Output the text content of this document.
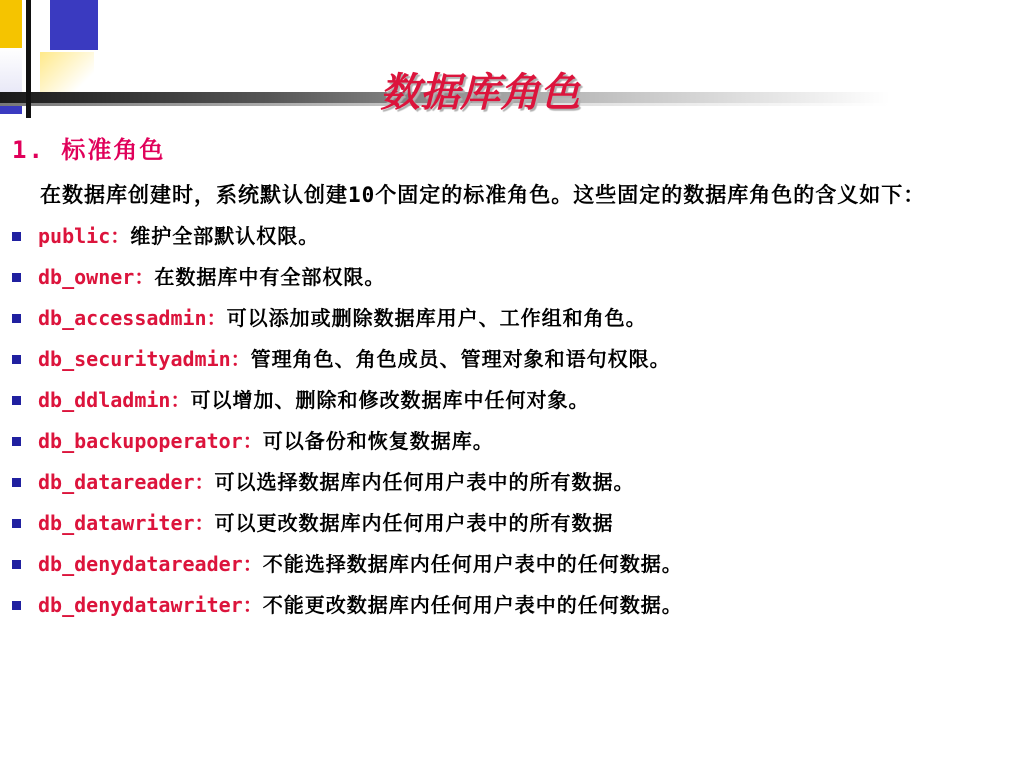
数据库角色

1. 标准角色

在数据库创建时，系统默认创建10个固定的标准角色。这些固定的数据库角色的含义如下：

public：维护全部默认权限。
db_owner：在数据库中有全部权限。
db_accessadmin：可以添加或删除数据库用户、工作组和角色。
db_securityadmin：管理角色、角色成员、管理对象和语句权限。
db_ddladmin：可以增加、删除和修改数据库中任何对象。
db_backupoperator：可以备份和恢复数据库。
db_datareader：可以选择数据库内任何用户表中的所有数据。
db_datawriter：可以更改数据库内任何用户表中的所有数据
db_denydatareader：不能选择数据库内任何用户表中的任何数据。
db_denydatawriter：不能更改数据库内任何用户表中的任何数据。
